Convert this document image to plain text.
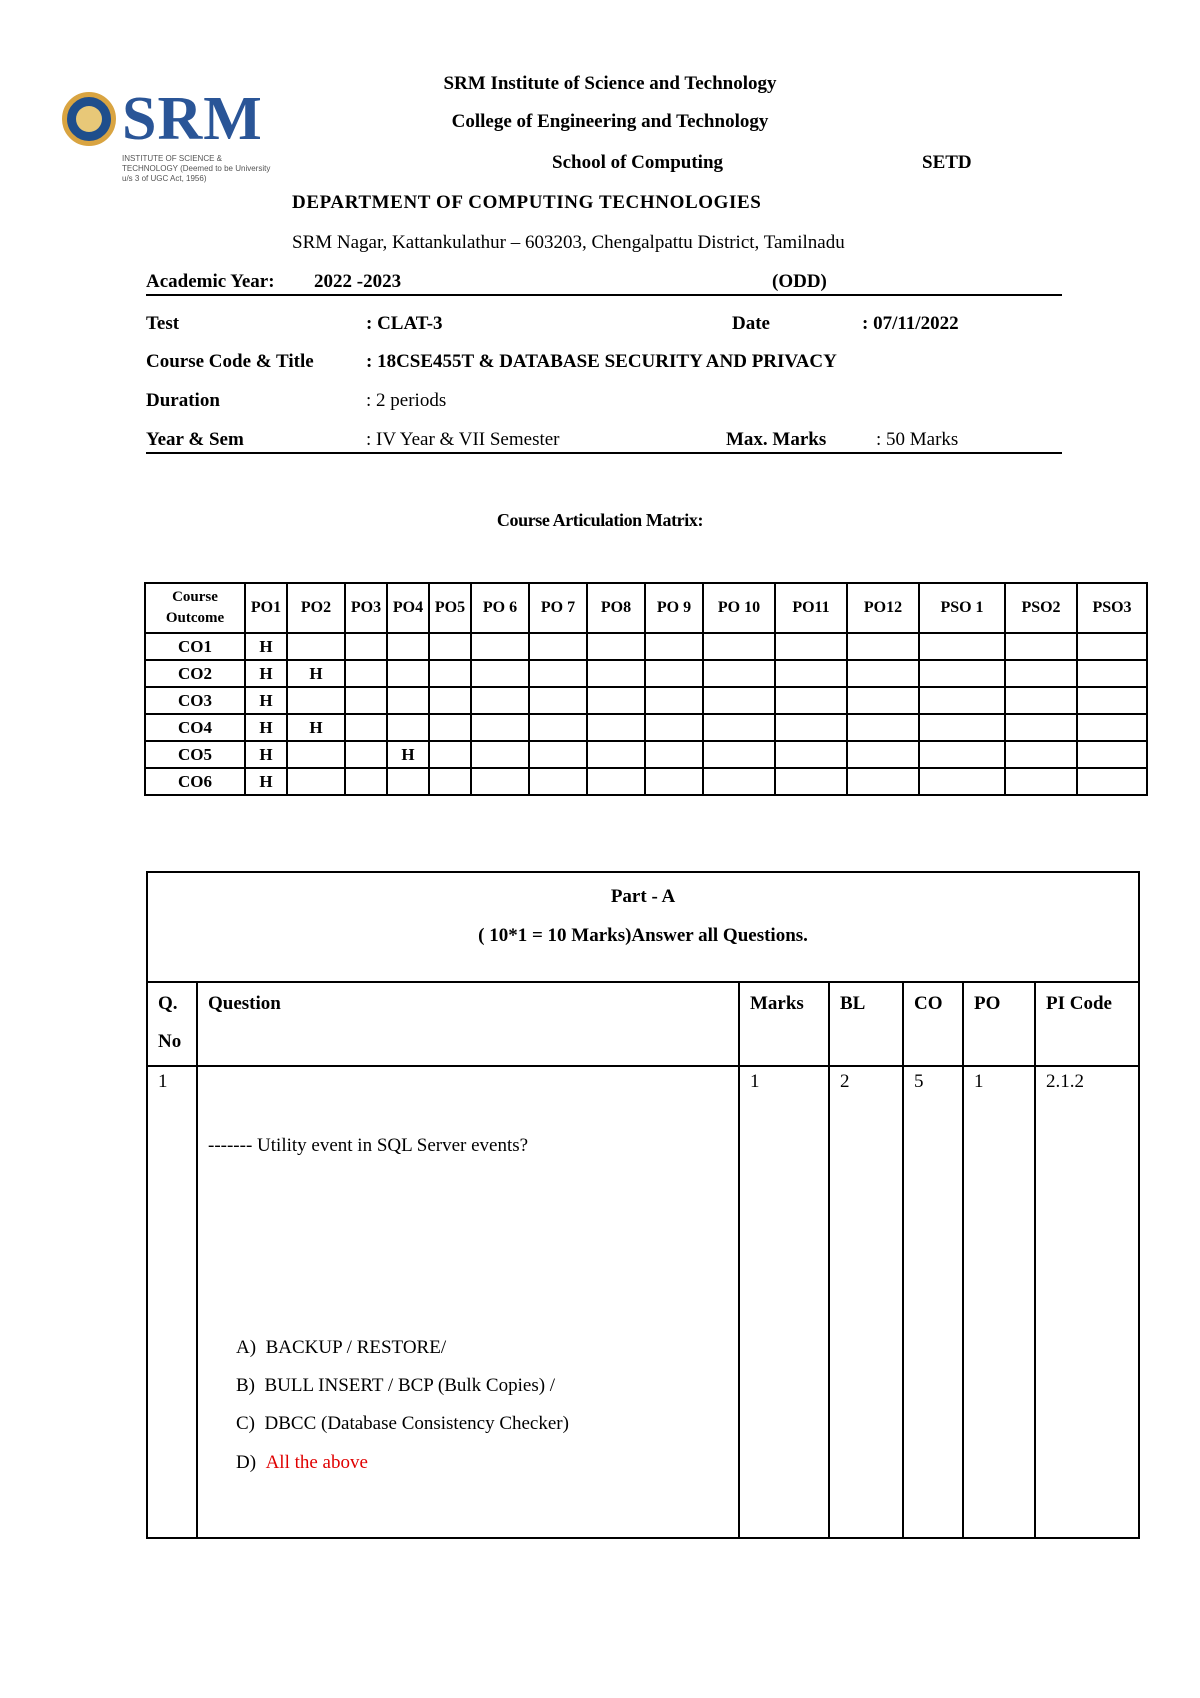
SRM
INSTITUTE OF SCIENCE & TECHNOLOGY (Deemed to be University u/s 3 of UGC Act, 1956)
SRM Institute of Science and Technology
College of Engineering and Technology
School of Computing	SETD
DEPARTMENT OF COMPUTING TECHNOLOGIES
SRM Nagar, Kattankulathur – 603203, Chengalpattu District, Tamilnadu
Academic Year: 2022 -2023	(ODD)
Test	: CLAT-3	Date	: 07/11/2022
Course Code & Title	: 18CSE455T & DATABASE SECURITY AND PRIVACY
Duration	: 2 periods
Year & Sem	: IV Year & VII Semester	Max. Marks	: 50 Marks
Course Articulation Matrix:
Course
Outcome	PO1	PO2	PO3	PO4	PO5	PO 6	PO 7	PO8	PO 9	PO 10	PO11	PO12	PSO 1	PSO2	PSO3
CO1	H														
CO2	H	H													
CO3	H														
CO4	H	H													
CO5	H			H											
CO6	H														
Part - A
( 10*1 = 10 Marks)Answer all Questions.						

Q.
No	Question	Marks	BL	CO	PO	PI Code
1	------- Utility event in SQL Server events?
A) BACKUP / RESTORE/
B) BULL INSERT / BCP (Bulk Copies) /
C) DBCC (Database Consistency Checker)
D) All the above	1	2	5	1	2.1.2
